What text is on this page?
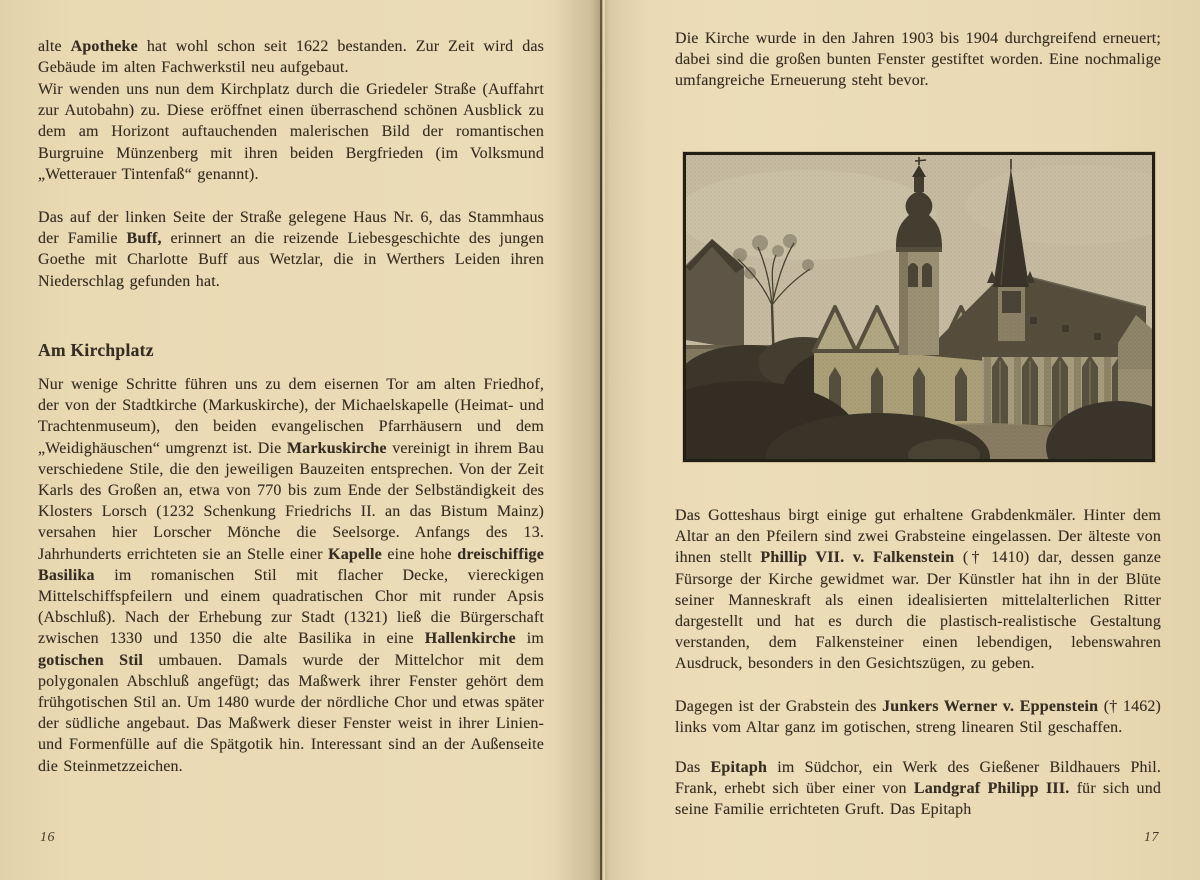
alte Apotheke hat wohl schon seit 1622 bestanden. Zur Zeit wird das Gebäude im alten Fachwerkstil neu aufgebaut.

Wir wenden uns nun dem Kirchplatz durch die Griedeler Straße (Auffahrt zur Autobahn) zu. Diese eröffnet einen überraschend schönen Ausblick zu dem am Horizont auftauchenden malerischen Bild der romantischen Burgruine Münzenberg mit ihren beiden Bergfrieden (im Volksmund „Wetterauer Tintenfaß“ genannt).

Das auf der linken Seite der Straße gelegene Haus Nr. 6, das Stammhaus der Familie Buff, erinnert an die reizende Liebesgeschichte des jungen Goethe mit Charlotte Buff aus Wetzlar, die in Werthers Leiden ihren Niederschlag gefunden hat.

Am Kirchplatz

Nur wenige Schritte führen uns zu dem eisernen Tor am alten Friedhof, der von der Stadtkirche (Markuskirche), der Michaelskapelle (Heimat- und Trachtenmuseum), den beiden evangelischen Pfarrhäusern und dem „Weidighäuschen“ umgrenzt ist. Die Markuskirche vereinigt in ihrem Bau verschiedene Stile, die den jeweiligen Bauzeiten entsprechen. Von der Zeit Karls des Großen an, etwa von 770 bis zum Ende der Selbständigkeit des Klosters Lorsch (1232 Schenkung Friedrichs II. an das Bistum Mainz) versahen hier Lorscher Mönche die Seelsorge. Anfangs des 13. Jahrhunderts errichteten sie an Stelle einer Kapelle eine hohe dreischiffige Basilika im romanischen Stil mit flacher Decke, viereckigen Mittelschiffspfeilern und einem quadratischen Chor mit runder Apsis (Abschluß). Nach der Erhebung zur Stadt (1321) ließ die Bürgerschaft zwischen 1330 und 1350 die alte Basilika in eine Hallenkirche im gotischen Stil umbauen. Damals wurde der Mittelchor mit dem polygonalen Abschluß angefügt; das Maßwerk ihrer Fenster gehört dem frühgotischen Stil an. Um 1480 wurde der nördliche Chor und etwas später der südliche angebaut. Das Maßwerk dieser Fenster weist in ihrer Linien- und Formenfülle auf die Spätgotik hin. Interessant sind an der Außenseite die Steinmetzzeichen.

16

Die Kirche wurde in den Jahren 1903 bis 1904 durchgreifend erneuert; dabei sind die großen bunten Fenster gestiftet worden. Eine nochmalige umfangreiche Erneuerung steht bevor.

Das Gotteshaus birgt einige gut erhaltene Grabdenkmäler. Hinter dem Altar an den Pfeilern sind zwei Grabsteine eingelassen. Der älteste von ihnen stellt Phillip VII. v. Falkenstein († 1410) dar, dessen ganze Fürsorge der Kirche gewidmet war. Der Künstler hat ihn in der Blüte seiner Manneskraft als einen idealisierten mittelalterlichen Ritter dargestellt und hat es durch die plastisch-realistische Gestaltung verstanden, dem Falkensteiner einen lebendigen, lebenswahren Ausdruck, besonders in den Gesichtszügen, zu geben.

Dagegen ist der Grabstein des Junkers Werner v. Eppenstein († 1462) links vom Altar ganz im gotischen, streng linearen Stil geschaffen.

Das Epitaph im Südchor, ein Werk des Gießener Bildhauers Phil. Frank, erhebt sich über einer von Landgraf Philipp III. für sich und seine Familie errichteten Gruft. Das Epitaph

17
